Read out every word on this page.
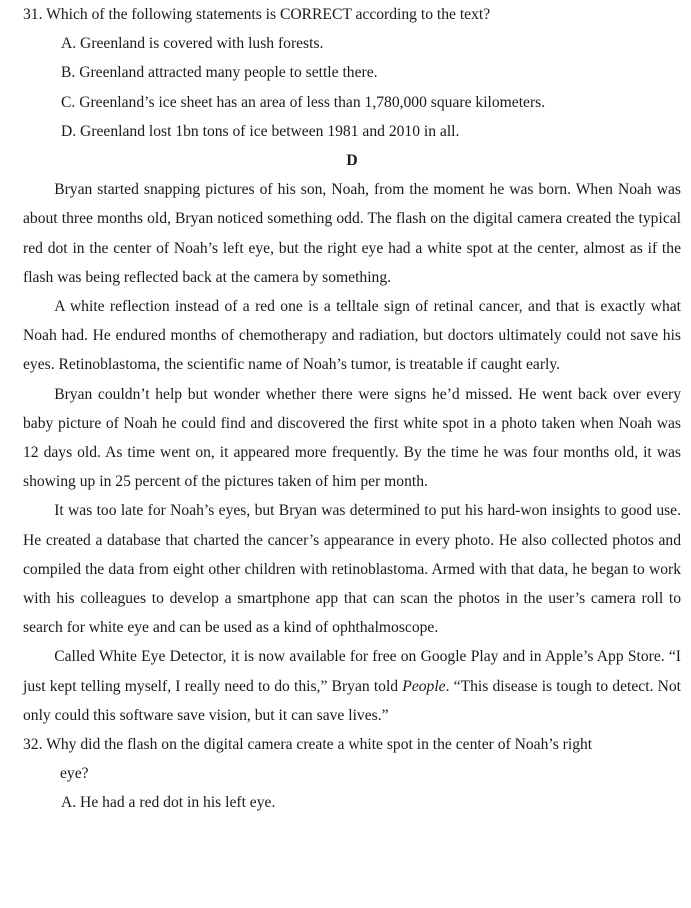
31. Which of the following statements is CORRECT according to the text?

A. Greenland is covered with lush forests.

B. Greenland attracted many people to settle there.

C. Greenland’s ice sheet has an area of less than 1,780,000 square kilometers.

D. Greenland lost 1bn tons of ice between 1981 and 2010 in all.

D

Bryan started snapping pictures of his son, Noah, from the moment he was born. When Noah was about three months old, Bryan noticed something odd. The flash on the digital camera created the typical red dot in the center of Noah’s left eye, but the right eye had a white spot at the center, almost as if the flash was being reflected back at the camera by something.

A white reflection instead of a red one is a telltale sign of retinal cancer, and that is exactly what Noah had. He endured months of chemotherapy and radiation, but doctors ultimately could not save his eyes. Retinoblastoma, the scientific name of Noah’s tumor, is treatable if caught early.

Bryan couldn’t help but wonder whether there were signs he’d missed. He went back over every baby picture of Noah he could find and discovered the first white spot in a photo taken when Noah was 12 days old. As time went on, it appeared more frequently. By the time he was four months old, it was showing up in 25 percent of the pictures taken of him per month.

It was too late for Noah’s eyes, but Bryan was determined to put his hard-won insights to good use. He created a database that charted the cancer’s appearance in every photo. He also collected photos and compiled the data from eight other children with retinoblastoma. Armed with that data, he began to work with his colleagues to develop a smartphone app that can scan the photos in the user’s camera roll to search for white eye and can be used as a kind of ophthalmoscope.

Called White Eye Detector, it is now available for free on Google Play and in Apple’s App Store. “I just kept telling myself, I really need to do this,” Bryan told People. “This disease is tough to detect. Not only could this software save vision, but it can save lives.”

32. Why did the flash on the digital camera create a white spot in the center of Noah’s right

eye?

A. He had a red dot in his left eye.
